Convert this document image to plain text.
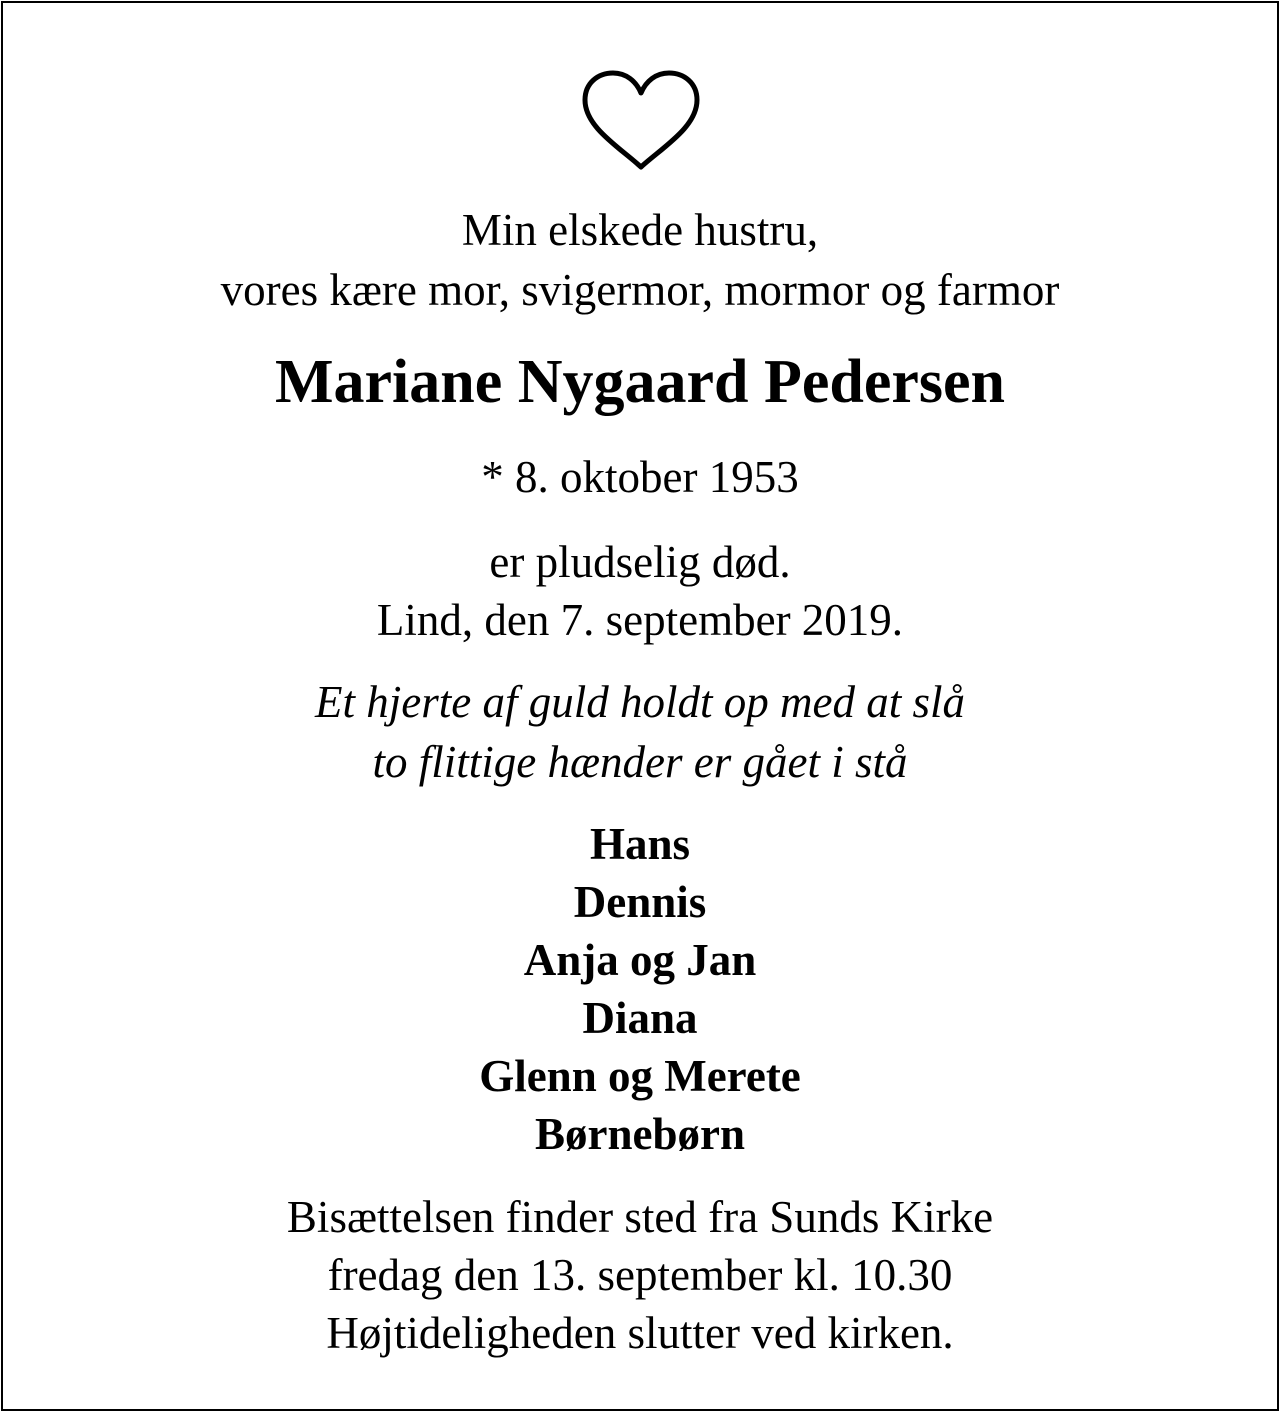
Min elskede hustru,
vores kære mor, svigermor, mormor og farmor
Mariane Nygaard Pedersen
* 8. oktober 1953
er pludselig død.
Lind, den 7. september 2019.
Et hjerte af guld holdt op med at slå
to flittige hænder er gået i stå
Hans
Dennis
Anja og Jan
Diana
Glenn og Merete
Børnebørn
Bisættelsen finder sted fra Sunds Kirke
fredag den 13. september kl. 10.30
Højtideligheden slutter ved kirken.
